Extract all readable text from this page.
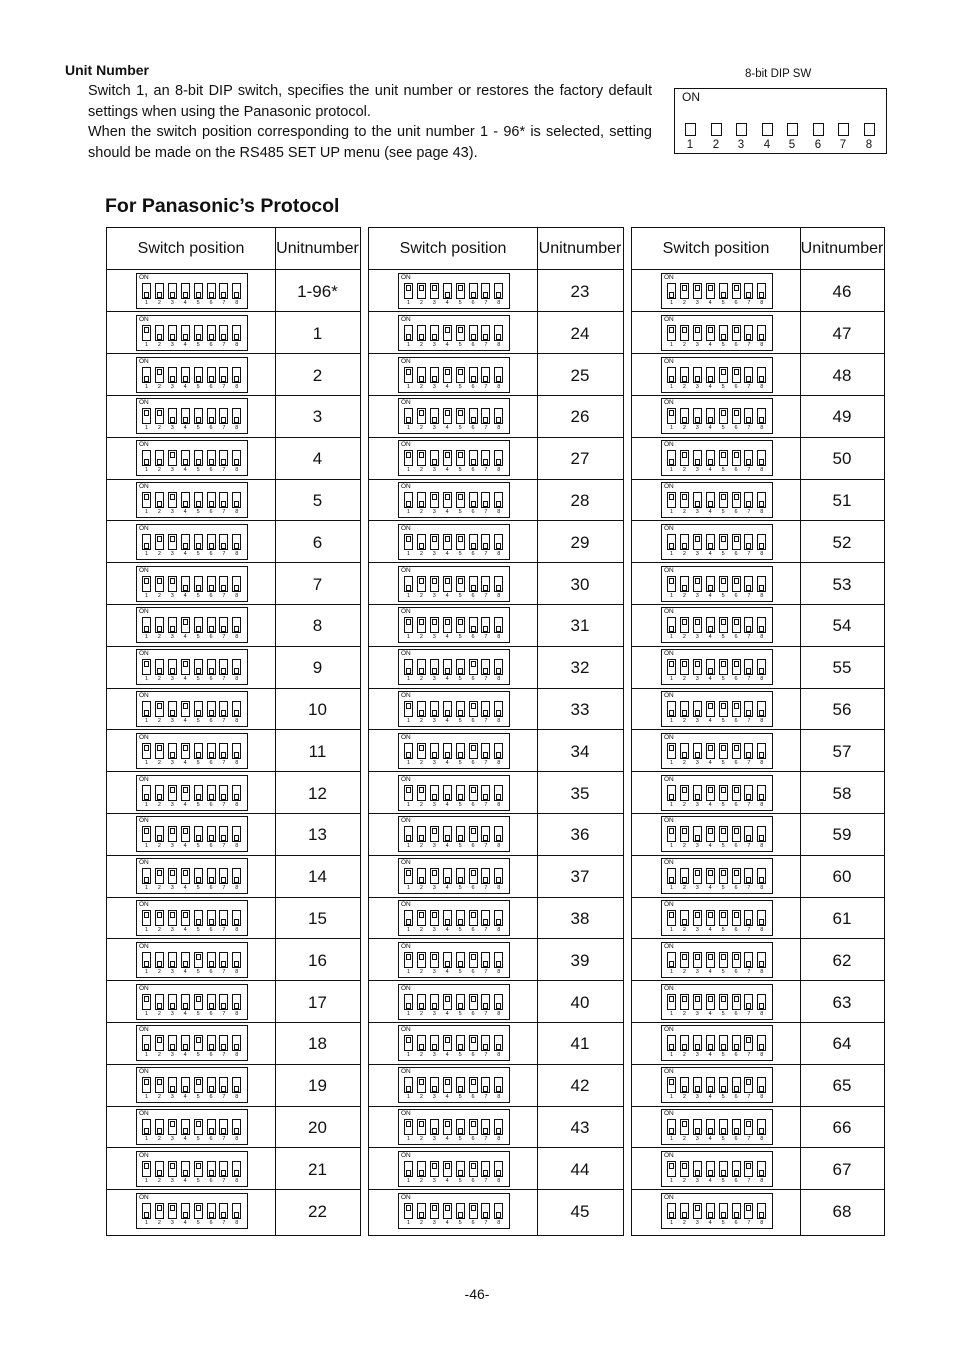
Unit Number

Switch 1, an 8-bit DIP switch, specifies the unit number or restores the factory default settings when using the Panasonic protocol.

When the switch position corresponding to the unit number 1 - 96* is selected, setting should be made on the RS485 SET UP menu (see page 43).

8-bit DIP SW
ON
1 2 3 4 5 6 7 8
For Panasonic’s Protocol
Switch position	Unit number
ON
1	2	3	4	5	6	7	8
1-96*
ON
1	2	3	4	5	6	7	8
1
ON
1	2	3	4	5	6	7	8
2
ON
1	2	3	4	5	6	7	8
3
ON
1	2	3	4	5	6	7	8
4
ON
1	2	3	4	5	6	7	8
5
ON
1	2	3	4	5	6	7	8
6
ON
1	2	3	4	5	6	7	8
7
ON
1	2	3	4	5	6	7	8
8
ON
1	2	3	4	5	6	7	8
9
ON
1	2	3	4	5	6	7	8
10
ON
1	2	3	4	5	6	7	8
11
ON
1	2	3	4	5	6	7	8
12
ON
1	2	3	4	5	6	7	8
13
ON
1	2	3	4	5	6	7	8
14
ON
1	2	3	4	5	6	7	8
15
ON
1	2	3	4	5	6	7	8
16
ON
1	2	3	4	5	6	7	8
17
ON
1	2	3	4	5	6	7	8
18
ON
1	2	3	4	5	6	7	8
19
ON
1	2	3	4	5	6	7	8
20
ON
1	2	3	4	5	6	7	8
21
ON
1	2	3	4	5	6	7	8
22
Switch position	Unit number
ON
1	2	3	4	5	6	7	8
23
ON
1	2	3	4	5	6	7	8
24
ON
1	2	3	4	5	6	7	8
25
ON
1	2	3	4	5	6	7	8
26
ON
1	2	3	4	5	6	7	8
27
ON
1	2	3	4	5	6	7	8
28
ON
1	2	3	4	5	6	7	8
29
ON
1	2	3	4	5	6	7	8
30
ON
1	2	3	4	5	6	7	8
31
ON
1	2	3	4	5	6	7	8
32
ON
1	2	3	4	5	6	7	8
33
ON
1	2	3	4	5	6	7	8
34
ON
1	2	3	4	5	6	7	8
35
ON
1	2	3	4	5	6	7	8
36
ON
1	2	3	4	5	6	7	8
37
ON
1	2	3	4	5	6	7	8
38
ON
1	2	3	4	5	6	7	8
39
ON
1	2	3	4	5	6	7	8
40
ON
1	2	3	4	5	6	7	8
41
ON
1	2	3	4	5	6	7	8
42
ON
1	2	3	4	5	6	7	8
43
ON
1	2	3	4	5	6	7	8
44
ON
1	2	3	4	5	6	7	8
45
Switch position	Unit number
ON
1	2	3	4	5	6	7	8
46
ON
1	2	3	4	5	6	7	8
47
ON
1	2	3	4	5	6	7	8
48
ON
1	2	3	4	5	6	7	8
49
ON
1	2	3	4	5	6	7	8
50
ON
1	2	3	4	5	6	7	8
51
ON
1	2	3	4	5	6	7	8
52
ON
1	2	3	4	5	6	7	8
53
ON
1	2	3	4	5	6	7	8
54
ON
1	2	3	4	5	6	7	8
55
ON
1	2	3	4	5	6	7	8
56
ON
1	2	3	4	5	6	7	8
57
ON
1	2	3	4	5	6	7	8
58
ON
1	2	3	4	5	6	7	8
59
ON
1	2	3	4	5	6	7	8
60
ON
1	2	3	4	5	6	7	8
61
ON
1	2	3	4	5	6	7	8
62
ON
1	2	3	4	5	6	7	8
63
ON
1	2	3	4	5	6	7	8
64
ON
1	2	3	4	5	6	7	8
65
ON
1	2	3	4	5	6	7	8
66
ON
1	2	3	4	5	6	7	8
67
ON
1	2	3	4	5	6	7	8
68
-46-
